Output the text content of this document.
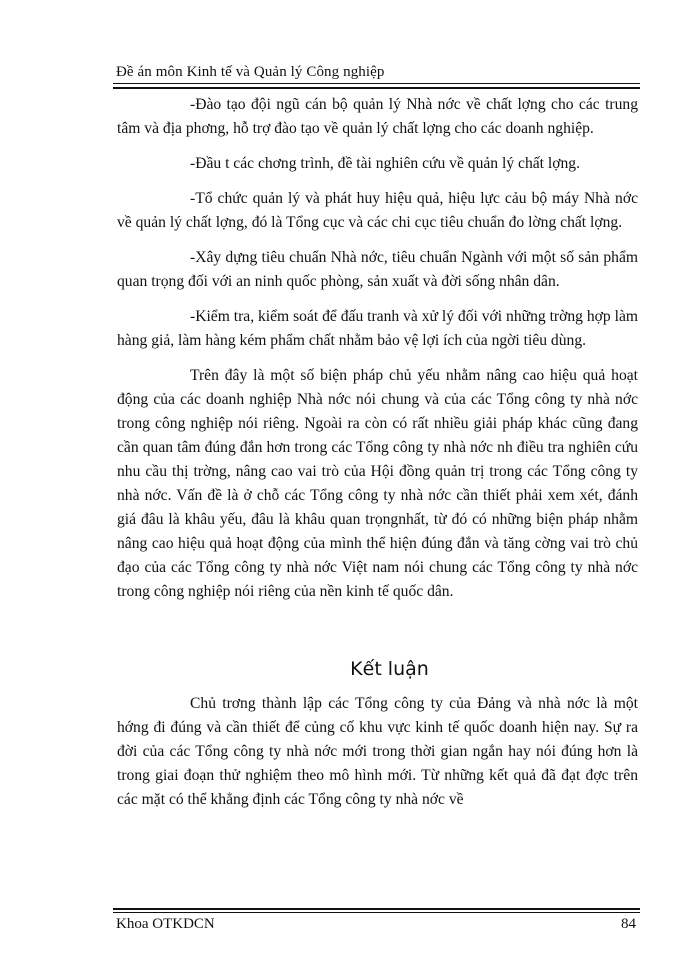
Đề án môn Kinh tế và Quản lý Công nghiệp

-Đào tạo đội ngũ cán bộ quản lý Nhà nớc về chất lợng cho các trung tâm và địa phơng, hỗ trợ đào tạo về quản lý chất lợng cho các doanh nghiệp.

-Đầu t các chơng trình, đề tài nghiên cứu về quản lý chất lợng.

-Tổ chức quản lý và phát huy hiệu quả, hiệu lực cảu bộ máy Nhà nớc về quản lý chất lợng, đó là Tổng cục và các chi cục tiêu chuẩn đo lờng chất lợng.

-Xây dựng tiêu chuẩn Nhà nớc, tiêu chuẩn Ngành với một số sản phẩm quan trọng đối với an ninh quốc phòng, sản xuất và đời sống nhân dân.

-Kiểm tra, kiểm soát để đấu tranh và xử lý đối với những trờng hợp làm hàng giả, làm hàng kém phẩm chất nhằm bảo vệ lợi ích của ngời tiêu dùng.

Trên đây là một số biện pháp chủ yếu nhằm nâng cao hiệu quả hoạt động của các doanh nghiệp Nhà nớc nói chung và của các Tổng công ty nhà nớc trong công nghiệp nói riêng. Ngoài ra còn có rất nhiều giải pháp khác cũng đang cần quan tâm đúng đắn hơn trong các Tổng công ty nhà nớc nh điều tra nghiên cứu nhu cầu thị trờng, nâng cao vai trò của Hội đồng quản trị trong các Tổng công ty nhà nớc. Vấn đề là ở chỗ các Tổng công ty nhà nớc cần thiết phải xem xét, đánh giá đâu là khâu yếu, đâu là khâu quan trọngnhất, từ đó có những biện pháp nhằm nâng cao hiệu quả hoạt động của mình thể hiện đúng đắn và tăng cờng vai trò chủ đạo của các Tổng công ty nhà nớc Việt nam nói chung các Tổng công ty nhà nớc trong công nghiệp nói riêng của nền kinh tế quốc dân.

Kết luận

Chủ trơng thành lập các Tổng công ty của Đảng và nhà nớc là một hớng đi đúng và cần thiết để củng cố khu vực kinh tế quốc doanh hiện nay. Sự ra đời của các Tổng công ty nhà nớc mới trong thời gian ngắn hay nói đúng hơn là trong giai đoạn thử nghiệm theo mô hình mới. Từ những kết quả đã đạt đợc trên các mặt có thể khẳng định các Tổng công ty nhà nớc về

Khoa OTKDCN	84
